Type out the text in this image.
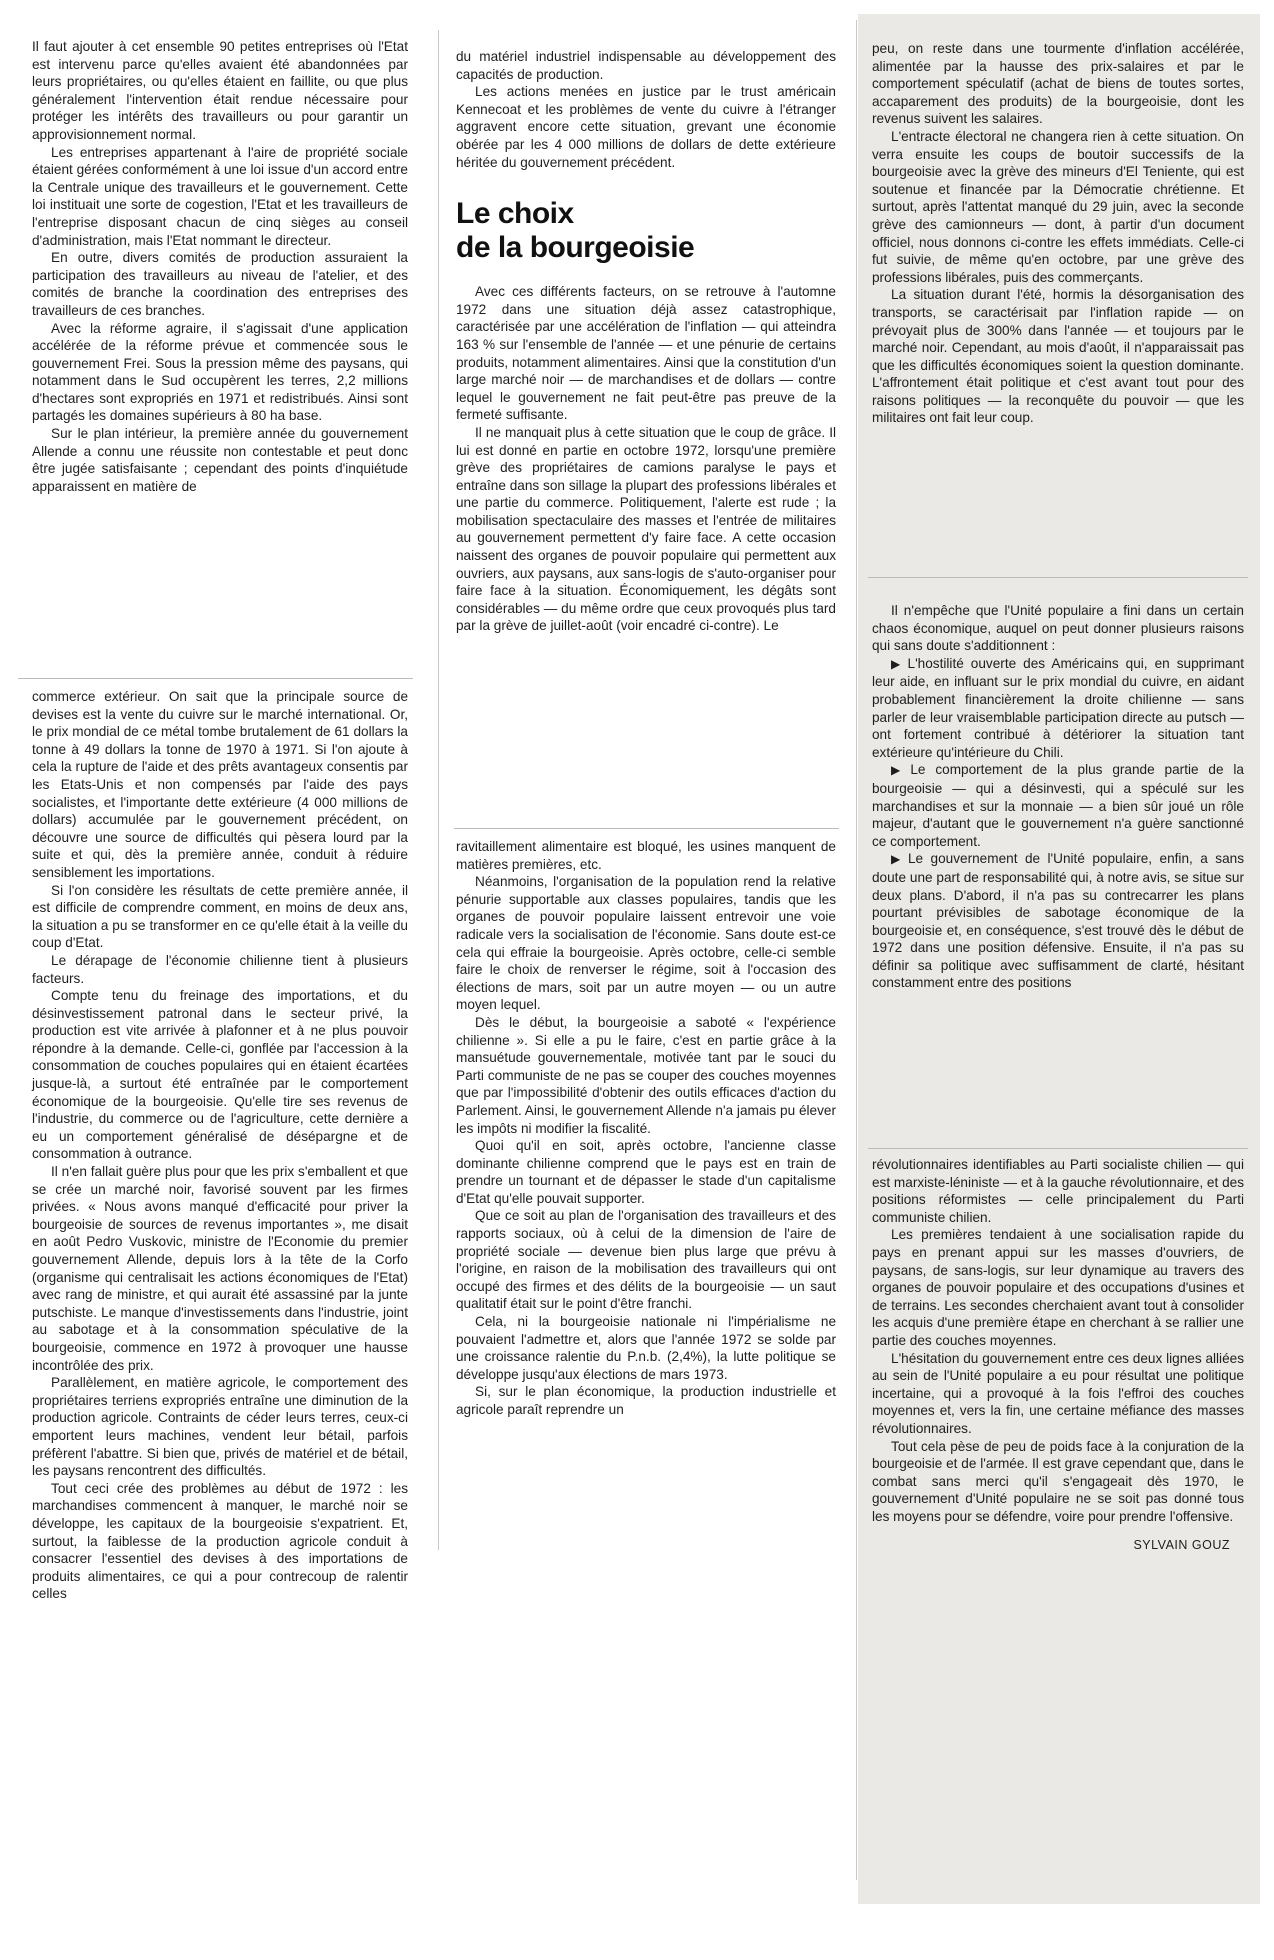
Il faut ajouter à cet ensemble 90 petites entreprises où l'Etat est intervenu parce qu'elles avaient été abandonnées par leurs propriétaires, ou qu'elles étaient en faillite, ou que plus généralement l'intervention était rendue nécessaire pour protéger les intérêts des travailleurs ou pour garantir un approvisionnement normal.

Les entreprises appartenant à l'aire de propriété sociale étaient gérées conformément à une loi issue d'un accord entre la Centrale unique des travailleurs et le gouvernement. Cette loi instituait une sorte de cogestion, l'Etat et les travailleurs de l'entreprise disposant chacun de cinq sièges au conseil d'administration, mais l'Etat nommant le directeur.

En outre, divers comités de production assuraient la participation des travailleurs au niveau de l'atelier, et des comités de branche la coordination des entreprises des travailleurs de ces branches.

Avec la réforme agraire, il s'agissait d'une application accélérée de la réforme prévue et commencée sous le gouvernement Frei. Sous la pression même des paysans, qui notamment dans le Sud occupèrent les terres, 2,2 millions d'hectares sont expropriés en 1971 et redistribués. Ainsi sont partagés les domaines supérieurs à 80 ha base.

Sur le plan intérieur, la première année du gouvernement Allende a connu une réussite non contestable et peut donc être jugée satisfaisante ; cependant des points d'inquiétude apparaissent en matière de

commerce extérieur. On sait que la principale source de devises est la vente du cuivre sur le marché international. Or, le prix mondial de ce métal tombe brutalement de 61 dollars la tonne à 49 dollars la tonne de 1970 à 1971. Si l'on ajoute à cela la rupture de l'aide et des prêts avantageux consentis par les Etats-Unis et non compensés par l'aide des pays socialistes, et l'importante dette extérieure (4 000 millions de dollars) accumulée par le gouvernement précédent, on découvre une source de difficultés qui pèsera lourd par la suite et qui, dès la première année, conduit à réduire sensiblement les importations.

Si l'on considère les résultats de cette première année, il est difficile de comprendre comment, en moins de deux ans, la situation a pu se transformer en ce qu'elle était à la veille du coup d'Etat.

Le dérapage de l'économie chilienne tient à plusieurs facteurs.

Compte tenu du freinage des importations, et du désinvestissement patronal dans le secteur privé, la production est vite arrivée à plafonner et à ne plus pouvoir répondre à la demande. Celle-ci, gonflée par l'accession à la consommation de couches populaires qui en étaient écartées jusque-là, a surtout été entraînée par le comportement économique de la bourgeoisie. Qu'elle tire ses revenus de l'industrie, du commerce ou de l'agriculture, cette dernière a eu un comportement généralisé de désépargne et de consommation à outrance.

Il n'en fallait guère plus pour que les prix s'emballent et que se crée un marché noir, favorisé souvent par les firmes privées. « Nous avons manqué d'efficacité pour priver la bourgeoisie de sources de revenus importantes », me disait en août Pedro Vuskovic, ministre de l'Economie du premier gouvernement Allende, depuis lors à la tête de la Corfo (organisme qui centralisait les actions économiques de l'Etat) avec rang de ministre, et qui aurait été assassiné par la junte putschiste. Le manque d'investissements dans l'industrie, joint au sabotage et à la consommation spéculative de la bourgeoisie, commence en 1972 à provoquer une hausse incontrôlée des prix.

Parallèlement, en matière agricole, le comportement des propriétaires terriens expropriés entraîne une diminution de la production agricole. Contraints de céder leurs terres, ceux-ci emportent leurs machines, vendent leur bétail, parfois préfèrent l'abattre. Si bien que, privés de matériel et de bétail, les paysans rencontrent des difficultés.

Tout ceci crée des problèmes au début de 1972 : les marchandises commencent à manquer, le marché noir se développe, les capitaux de la bourgeoisie s'expatrient. Et, surtout, la faiblesse de la production agricole conduit à consacrer l'essentiel des devises à des importations de produits alimentaires, ce qui a pour contrecoup de ralentir celles

du matériel industriel indispensable au développement des capacités de production.

Les actions menées en justice par le trust américain Kennecoat et les problèmes de vente du cuivre à l'étranger aggravent encore cette situation, grevant une économie obérée par les 4 000 millions de dollars de dette extérieure héritée du gouvernement précédent.

Le choix
de la bourgeoisie

Avec ces différents facteurs, on se retrouve à l'automne 1972 dans une situation déjà assez catastrophique, caractérisée par une accélération de l'inflation — qui atteindra 163 % sur l'ensemble de l'année — et une pénurie de certains produits, notamment alimentaires. Ainsi que la constitution d'un large marché noir — de marchandises et de dollars — contre lequel le gouvernement ne fait peut-être pas preuve de la fermeté suffisante.

Il ne manquait plus à cette situation que le coup de grâce. Il lui est donné en partie en octobre 1972, lorsqu'une première grève des propriétaires de camions paralyse le pays et entraîne dans son sillage la plupart des professions libérales et une partie du commerce. Politiquement, l'alerte est rude ; la mobilisation spectaculaire des masses et l'entrée de militaires au gouvernement permettent d'y faire face. A cette occasion naissent des organes de pouvoir populaire qui permettent aux ouvriers, aux paysans, aux sans-logis de s'auto-organiser pour faire face à la situation. Économiquement, les dégâts sont considérables — du même ordre que ceux provoqués plus tard par la grève de juillet-août (voir encadré ci-contre). Le

ravitaillement alimentaire est bloqué, les usines manquent de matières premières, etc.

Néanmoins, l'organisation de la population rend la relative pénurie supportable aux classes populaires, tandis que les organes de pouvoir populaire laissent entrevoir une voie radicale vers la socialisation de l'économie. Sans doute est-ce cela qui effraie la bourgeoisie. Après octobre, celle-ci semble faire le choix de renverser le régime, soit à l'occasion des élections de mars, soit par un autre moyen — ou un autre moyen lequel.

Dès le début, la bourgeoisie a saboté « l'expérience chilienne ». Si elle a pu le faire, c'est en partie grâce à la mansuétude gouvernementale, motivée tant par le souci du Parti communiste de ne pas se couper des couches moyennes que par l'impossibilité d'obtenir des outils efficaces d'action du Parlement. Ainsi, le gouvernement Allende n'a jamais pu élever les impôts ni modifier la fiscalité.

Quoi qu'il en soit, après octobre, l'ancienne classe dominante chilienne comprend que le pays est en train de prendre un tournant et de dépasser le stade d'un capitalisme d'Etat qu'elle pouvait supporter.

Que ce soit au plan de l'organisation des travailleurs et des rapports sociaux, où à celui de la dimension de l'aire de propriété sociale — devenue bien plus large que prévu à l'origine, en raison de la mobilisation des travailleurs qui ont occupé des firmes et des délits de la bourgeoisie — un saut qualitatif était sur le point d'être franchi.

Cela, ni la bourgeoisie nationale ni l'impérialisme ne pouvaient l'admettre et, alors que l'année 1972 se solde par une croissance ralentie du P.n.b. (2,4%), la lutte politique se développe jusqu'aux élections de mars 1973.

Si, sur le plan économique, la production industrielle et agricole paraît reprendre un

peu, on reste dans une tourmente d'inflation accélérée, alimentée par la hausse des prix-salaires et par le comportement spéculatif (achat de biens de toutes sortes, accaparement des produits) de la bourgeoisie, dont les revenus suivent les salaires.

L'entracte électoral ne changera rien à cette situation. On verra ensuite les coups de boutoir successifs de la bourgeoisie avec la grève des mineurs d'El Teniente, qui est soutenue et financée par la Démocratie chrétienne. Et surtout, après l'attentat manqué du 29 juin, avec la seconde grève des camionneurs — dont, à partir d'un document officiel, nous donnons ci-contre les effets immédiats. Celle-ci fut suivie, de même qu'en octobre, par une grève des professions libérales, puis des commerçants.

La situation durant l'été, hormis la désorganisation des transports, se caractérisait par l'inflation rapide — on prévoyait plus de 300% dans l'année — et toujours par le marché noir. Cependant, au mois d'août, il n'apparaissait pas que les difficultés économiques soient la question dominante. L'affrontement était politique et c'est avant tout pour des raisons politiques — la reconquête du pouvoir — que les militaires ont fait leur coup.

Il n'empêche que l'Unité populaire a fini dans un certain chaos économique, auquel on peut donner plusieurs raisons qui sans doute s'additionnent :

▶ L'hostilité ouverte des Américains qui, en supprimant leur aide, en influant sur le prix mondial du cuivre, en aidant probablement financièrement la droite chilienne — sans parler de leur vraisemblable participation directe au putsch — ont fortement contribué à détériorer la situation tant extérieure qu'intérieure du Chili.

▶ Le comportement de la plus grande partie de la bourgeoisie — qui a désinvesti, qui a spéculé sur les marchandises et sur la monnaie — a bien sûr joué un rôle majeur, d'autant que le gouvernement n'a guère sanctionné ce comportement.

▶ Le gouvernement de l'Unité populaire, enfin, a sans doute une part de responsabilité qui, à notre avis, se situe sur deux plans. D'abord, il n'a pas su contrecarrer les plans pourtant prévisibles de sabotage économique de la bourgeoisie et, en conséquence, s'est trouvé dès le début de 1972 dans une position défensive. Ensuite, il n'a pas su définir sa politique avec suffisamment de clarté, hésitant constamment entre des positions

révolutionnaires identifiables au Parti socialiste chilien — qui est marxiste-léniniste — et à la gauche révolutionnaire, et des positions réformistes — celle principalement du Parti communiste chilien.

Les premières tendaient à une socialisation rapide du pays en prenant appui sur les masses d'ouvriers, de paysans, de sans-logis, sur leur dynamique au travers des organes de pouvoir populaire et des occupations d'usines et de terrains. Les secondes cherchaient avant tout à consolider les acquis d'une première étape en cherchant à se rallier une partie des couches moyennes.

L'hésitation du gouvernement entre ces deux lignes alliées au sein de l'Unité populaire a eu pour résultat une politique incertaine, qui a provoqué à la fois l'effroi des couches moyennes et, vers la fin, une certaine méfiance des masses révolutionnaires.

Tout cela pèse de peu de poids face à la conjuration de la bourgeoisie et de l'armée. Il est grave cependant que, dans le combat sans merci qu'il s'engageait dès 1970, le gouvernement d'Unité populaire ne se soit pas donné tous les moyens pour se défendre, voire pour prendre l'offensive.

SYLVAIN GOUZ
